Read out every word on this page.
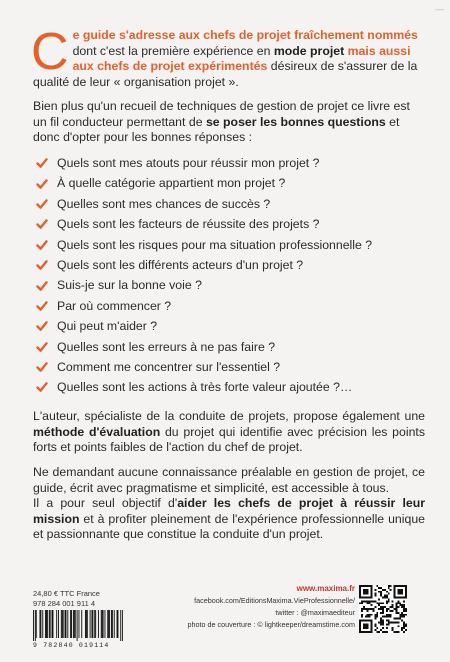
—
Ce guide s'adresse aux chefs de projet fraîchement nommés dont c'est la première expérience en mode projet mais aussi aux chefs de projet expérimentés désireux de s'assurer de la qualité de leur « organisation projet ».
Bien plus qu'un recueil de techniques de gestion de projet ce livre est un fil conducteur permettant de se poser les bonnes questions et donc d'opter pour les bonnes réponses :
Quels sont mes atouts pour réussir mon projet ?
À quelle catégorie appartient mon projet ?
Quelles sont mes chances de succès ?
Quels sont les facteurs de réussite des projets ?
Quels sont les risques pour ma situation professionnelle ?
Quels sont les différents acteurs d'un projet ?
Suis-je sur la bonne voie ?
Par où commencer ?
Qui peut m'aider ?
Quelles sont les erreurs à ne pas faire ?
Comment me concentrer sur l'essentiel ?
Quelles sont les actions à très forte valeur ajoutée ?…
L'auteur, spécialiste de la conduite de projets, propose également une méthode d'évaluation du projet qui identifie avec précision les points forts et points faibles de l'action du chef de projet.
Ne demandant aucune connaissance préalable en gestion de projet, ce guide, écrit avec pragmatisme et simplicité, est accessible à tous.
Il a pour seul objectif d'aider les chefs de projet à réussir leur mission et à profiter pleinement de l'expérience professionnelle unique et passionnante que constitue la conduite d'un projet.
24,80 € TTC France
978 284 001 911 4
9 782840 019114
www.maxima.fr
facebook.com/EditionsMaxima.VieProfessionnelle/
twitter : @maximaediteur
photo de couverture : © lightkeeper/dreamstime.com
